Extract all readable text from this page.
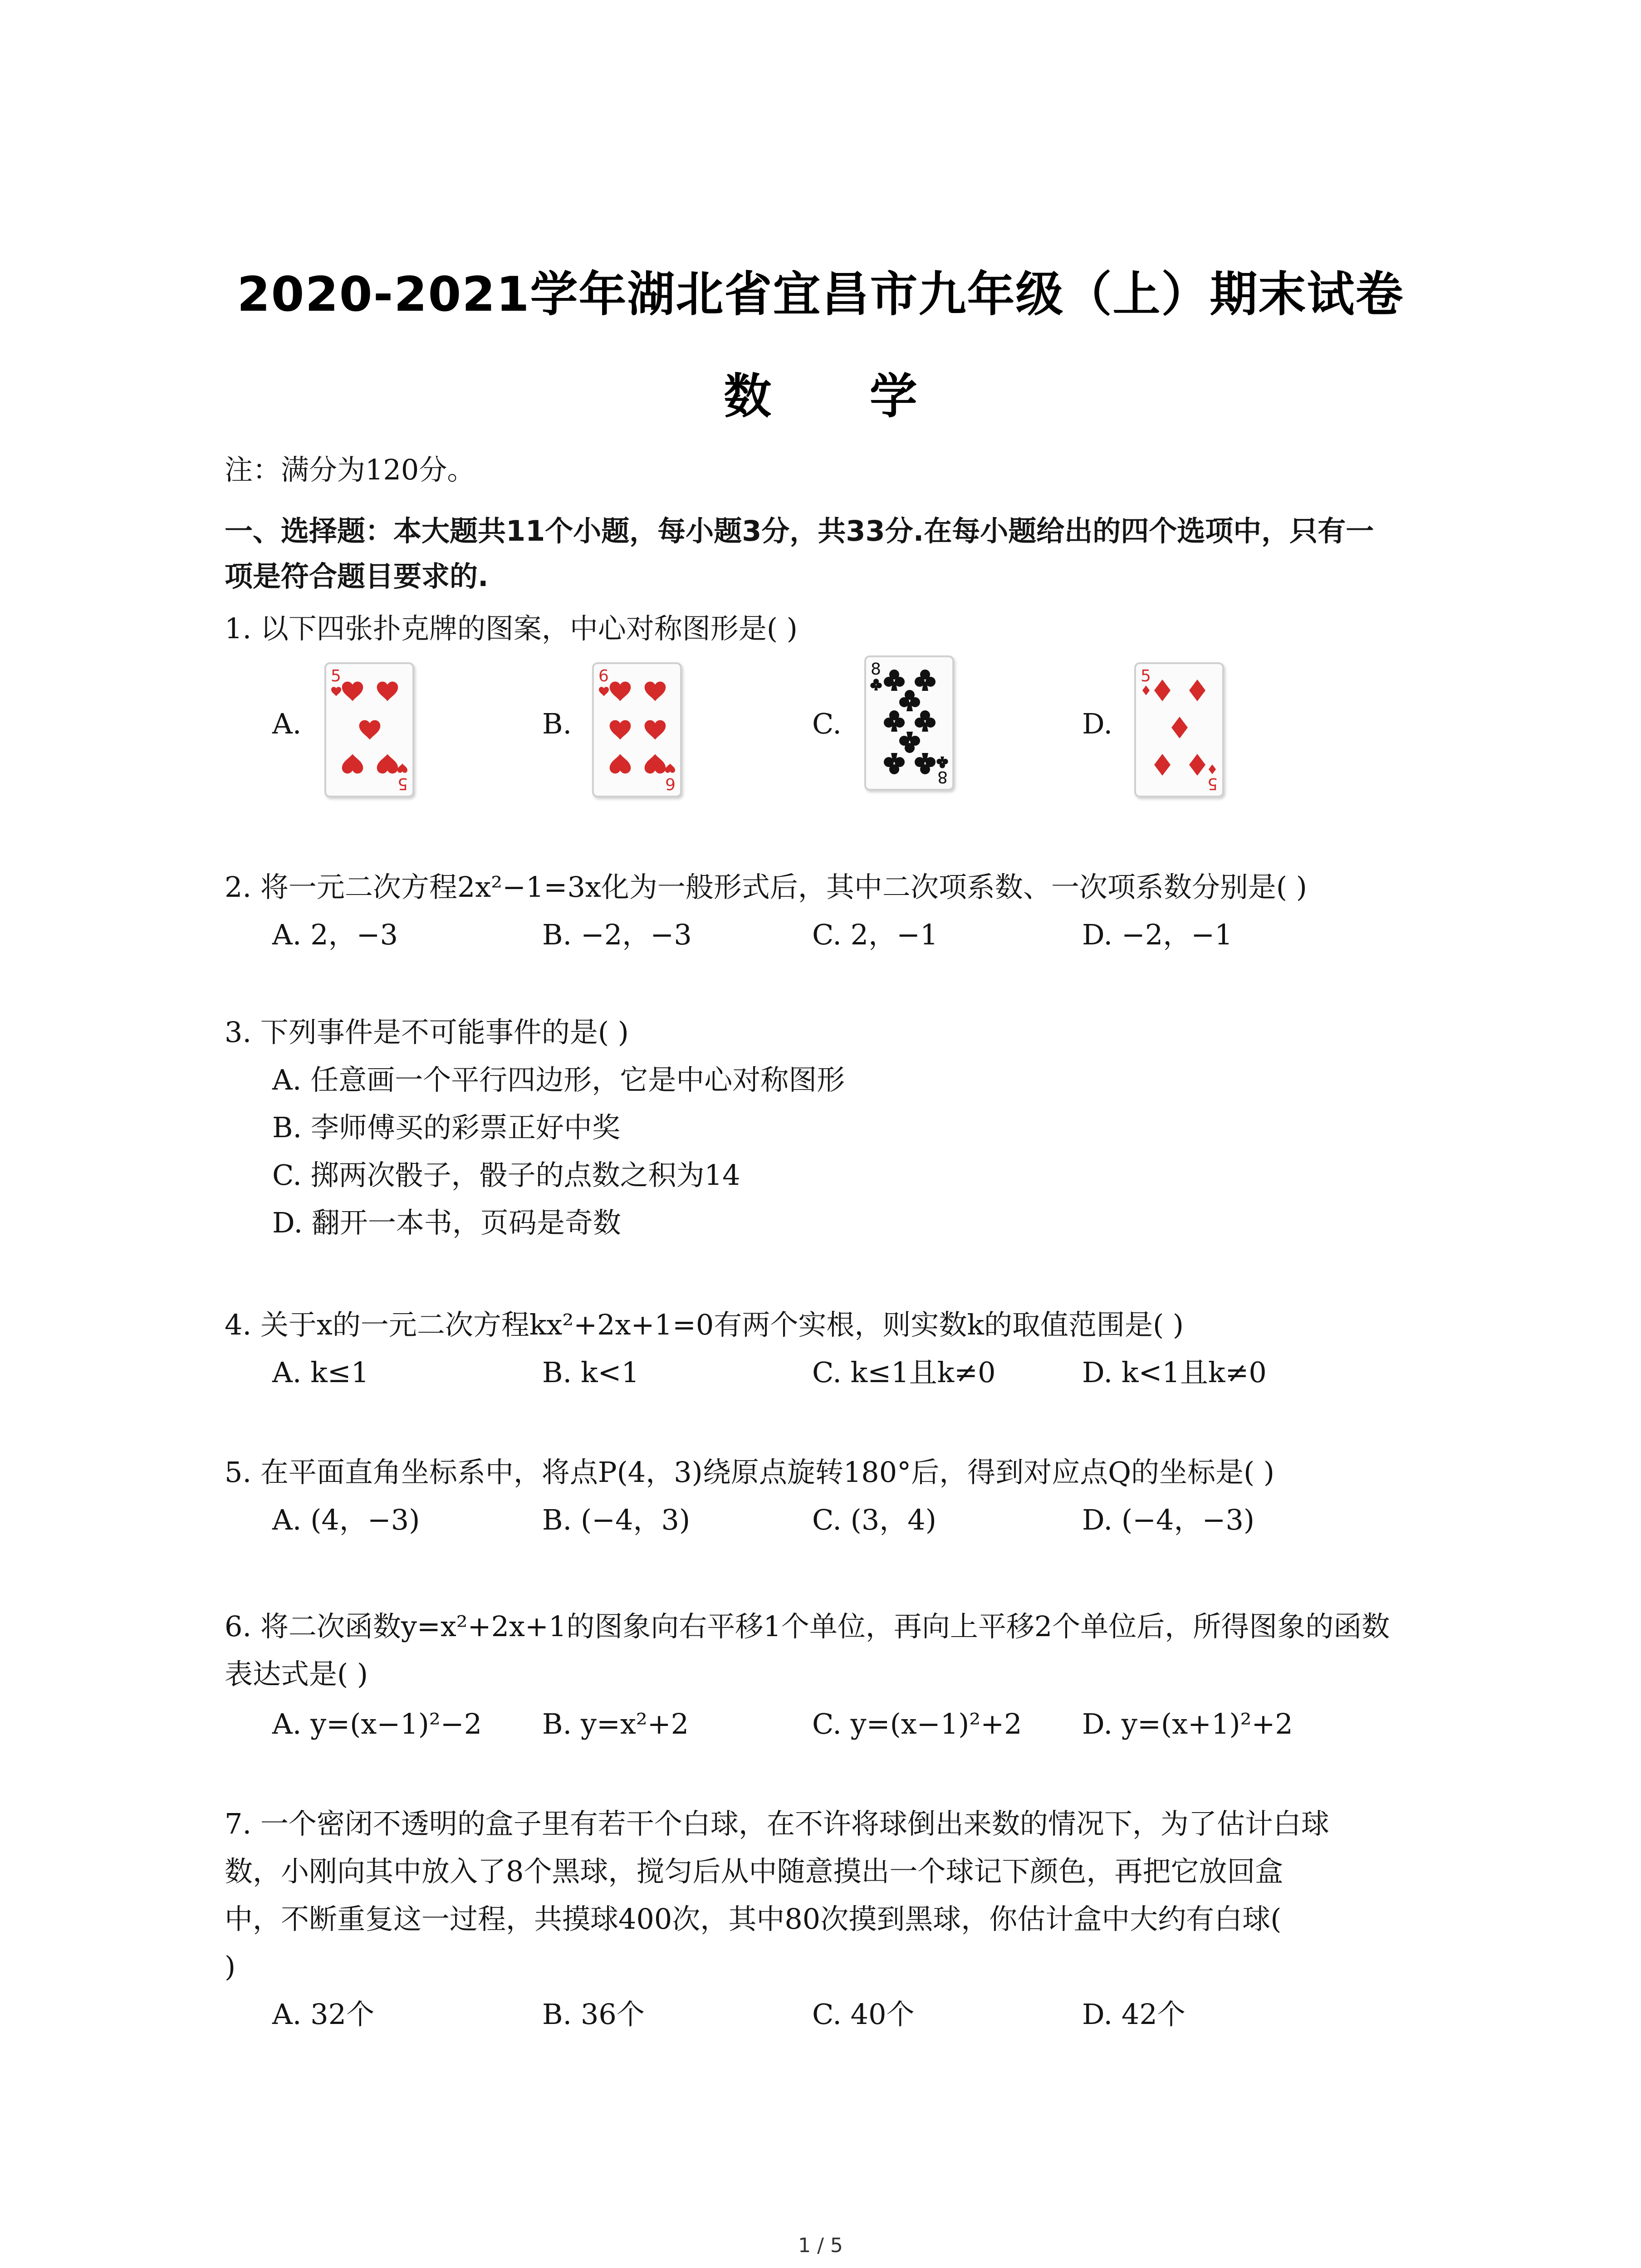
2020-2021学年湖北省宜昌市九年级（上）期末试卷
数 学
注：满分为120分。
一、选择题：本大题共11个小题，每小题3分，共33分.在每小题给出的四个选项中，只有一
项是符合题目要求的.
1. 以下四张扑克牌的图案，中心对称图形是( )
A.	B.	C.	D.
5
5
6
6
8
8
5
5
2. 将一元二次方程2x²−1=3x化为一般形式后，其中二次项系数、一次项系数分别是( )
A. 2，−3	B. −2，−3	C. 2，−1	D. −2，−1
3. 下列事件是不可能事件的是( )
A. 任意画一个平行四边形，它是中心对称图形
B. 李师傅买的彩票正好中奖
C. 掷两次骰子，骰子的点数之积为14
D. 翻开一本书，页码是奇数
4. 关于x的一元二次方程kx²+2x+1=0有两个实根，则实数k的取值范围是( )
A. k≤1	B. k<1	C. k≤1且k≠0	D. k<1且k≠0
5. 在平面直角坐标系中，将点P(4，3)绕原点旋转180°后，得到对应点Q的坐标是( )
A. (4，−3)	B. (−4，3)	C. (3，4)	D. (−4，−3)
6. 将二次函数y=x²+2x+1的图象向右平移1个单位，再向上平移2个单位后，所得图象的函数
表达式是( )
A. y=(x−1)²−2 B. y=x²+2	C. y=(x−1)²+2 D. y=(x+1)²+2
7. 一个密闭不透明的盒子里有若干个白球，在不许将球倒出来数的情况下，为了估计白球
数，小刚向其中放入了8个黑球，搅匀后从中随意摸出一个球记下颜色，再把它放回盒
中，不断重复这一过程，共摸球400次，其中80次摸到黑球，你估计盒中大约有白球(
)
A. 32个	B. 36个	C. 40个	D. 42个
1 / 5
